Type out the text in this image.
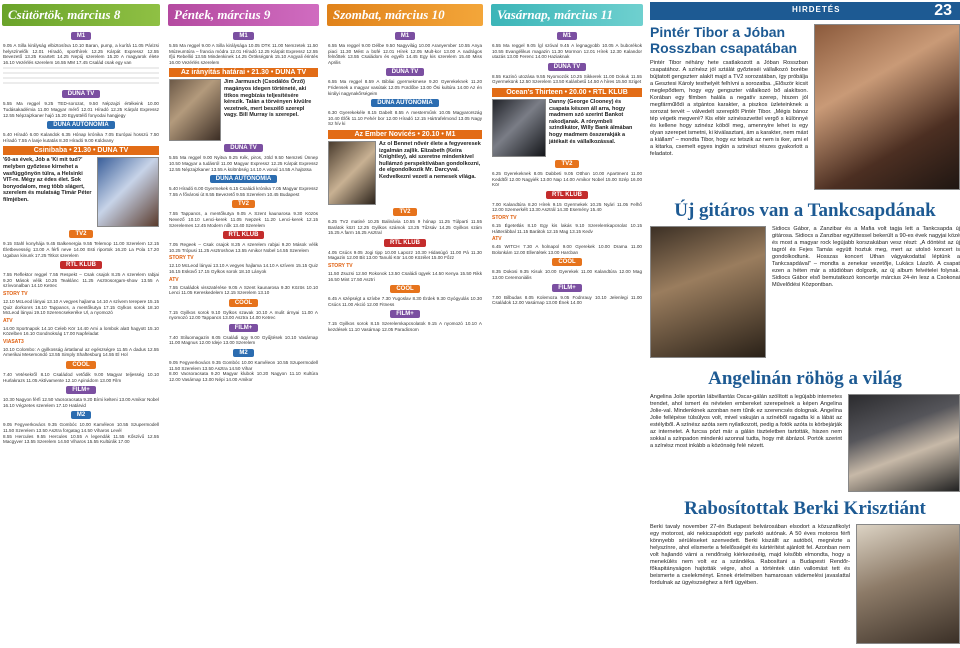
Csütörtök, március 8
M1
9.05 A Silla királyság elbiztosítva 10.10 Baran, pump, a kurítá 11.05 Párizsi helyszínelők 12.01 Híradó, sporthírek 12.25 Kárpát Expressz 12.55 Bevezető 13.25 Kvartett 14.25 Nepúj szerelem 15.20 A magyarok élete 16.10 Vezérlés szerelem 16.55 MM 17.45 Család csak egy van
DUNA TV
5.55 Ma reggel 9.25 TED-sorozat, 9.50 Népzajzi értékeink 10.00 Tudásakadémia 11.00 Magyar mérő 12.01 Híradó 12.25 Kárpát Expressz 12.55 Népzajzkaner hajó 15.20 Együttélő fonyodai hangjegy
DUNA AUTONÓMIA
5.40 Híradó 6.00 Kalandok 6.35 Hónap krónika 7.05 Európai hosszú 7.50 Híradó 7.55 A lanje kutatás 8.30 Híradó 9.00 Küldvany
Csinibaba • 21.30 • DUNA TV
'60-as évek, Jób a 'Ki mit tud?' melyben győztese kirnehet a vasfüggönyön túlra, a Helsinki VIT-re. Mégy az édes élet. Sok bonyodalom, meg több slágert, szerelem és mulatság Timár Péter filmjében.
TV2
9.15 Stahl konyhája 9.45 Balkenergia 9.55 Telemop 11.00 Szerelem 12.15 Életbevesség 13.00 A férfi neve 14.00 Esti riportok 16.20 La Pola 17.20 Ugaban kinunk 17.25 Titkot szerelem
RTL KLUB
7.55 Reflektor reggel 7.55 Respekt – Csak csajok 8.25 A szerelem rabjai 9.20 Mások vélik 10.25 Teaklánc 11.25 Asztrosorgam-show 13.55 A szívvonalban 14.10 Ketrec
STORY TV
12.10 McLeod lányai 13.10 A vegyes hajlama 14.10 A szívem terepere 15.15 Quiz dorkonrs 16.10 Tappancs, a mentőkutya 17.15 Gylkos sorok 18.10 McLeod lányai 19.10 Szerencsekeréke Ul, a nyomozó
ATV
14.00 Sportnapok 14.10 Celeb Kör 14.40 Ami a lombok alatt hagyott 15.10 Közelben 16.10 Gondnokság 17.00 Napfeladat
VIASAT3
10.10 Colombo: A gyilkosság ártatlanul az egészségre 11.55 A dadus 12.55 Amerikai Mesemondó 13.55 Simply Shaftesburg 14.55 El Hol
COOL
7.40 Vetésekről 8.10 Családod vetődik 9.00 Magyar teljesség 10.10 Hurlakrazs 11.05 Aktívamente 12.10 Apinádom 13.00 Film
FILM+
10.30 Nagyon férfi 12.50 Vacsoracsata 9.20 Bírni kelteni 13.00 Amikor Nobel 16.10 Végzetes szerelem 17.10 Határvid
M2
9.05 Fegyverkovács 9.35 Gombóc 10.00 Kaméleon 10.55 Szupermodell 11.50 Szerelem 13.50 Asztra forgatag 14.50 Viharos Levél
8.55 Hercules 9.55 Hercules 10.55 A legendák 11.55 Kőszívű 12.55 Macgyver 13.55 Szerelem 14.50 Viharos 15.55 Kultúrák 17.00
Péntek, március 9
M1
5.55 Ma reggel 9.00 A Silla királysága 10.05 DTK 11.00 Nemzetek 11.50 Múzeumtúra – francia módra 12.01 Híradó 12.25 Kárpát Expressz 12.55 Ifjú Rebellió 13.55 Mindenkinek 14.25 Örökségünk 15.10 Angyali érintés 16.00 Vezérlés szerelem
Az irányítás határai • 21.30 • DUNA TV
Jim Jarmusch (Csodálós Őrző) magányos idegen történeté, aki titkos megbízás teljesítésére kérezik. Talán a törvényen kívülre vezetnek, mert beszélő szerepl vagy. Bill Murray is szerepel.
DUNA TV
5.55 Ma reggel 9.00 Nyitva 9.25 Kék, piros, zöld 9.50 Nemzeti Ünnep 10.50 Magyar a tudásról 11.00 Magyar Expressz 12.25 Kárpát Expressz 12.55 Népzajzkaner 13.55 A különbség 14.10 A vonal 14.55 A hajtotsa
DUNA AUTONÓMIA
5.40 Híradó 6.00 Gyermekek 6.15 Családi krónika 7.05 Magyar Expressz 7.55 A fővárosi út 8.55 Bevezető 9.55 Szerelem 10.45 Budapest
TV2
7.55 Tappancs, a mentőkutya 9.05 A Szent kaunarosa 9.30 Közös Nevező 10.10 Lenci-kerek 11.05 Nepzek 11.20 Lenci-kerek 12.15 Szerelemes 12.45 Modern nők 13.40 Szerelem
RTL KLUB
7.05 Regeek – Csak csajok 8.25 A szerelem rabjai 9.20 Mások vélik 10.25 Trópusi 11.25 Asztroshow 13.55 Amikor Nobel 14.55 Szerelem
STORY TV
12.10 McLeod lányai 13.10 A vegyes hajlama 14.10 A szívem 15.15 Quiz 16.15 Esküvő 17.15 Gylkos sorok 18.10 Lányok
ATV
7.55 Családok visszatérése 9.05 A Szent kaunarosa 9.30 Közös 10.10 Lenci 11.05 Kereskedelem 12.15 Szerelem 13.10
COOL
7.15 Gyilkos sorok 9.10 Gylkos szavak 10.10 A mulit árnyai 11.00 A nyomozó 12.00 Tappancs 13.00 Asztra 14.00 Ketrec
FILM+
7.40 Stiluomagazin 8.05 Családi ügy 9.00 Gyűjtések 10.10 Vasárnap 11.00 Magnus 12.00 Ideje 13.00 Szerelem
M2
9.05 Fegyverkovács 9.35 Gombóc 10.00 Kaméleon 10.55 Szupermodell 11.50 Szerelem 13.50 Asztra 14.50 Vihar
8.00 Vacsoracsata 9.20 Magyar klubok 10.20 Nagyon 11.10 Kultúra 12.00 Vasárnap 13.00 Népi 14.00 Amikor
Szombat, március 10
M1
6.55 Ma reggel 9.00 Délbe 9.50 Nagyvilág 10.00 Aranyember 10.55 Anya piaci 11.30 Mést a büfé 12.01 Hírek 12.05 Mult-kor 13.00 A nadrágos felnőttek 13.55 Családom és egyéb 14.45 Egy kis szerelem 15.40 Miss Aprilis
DUNA TV
6.55 Ma reggel 8.59 A Bibliai gyermekmese 9.20 Gyerekeknek 11.20 Fridensek a magyar vasútak 12.05 Fürdőbe 13.00 Ősi kultúra 14.00 Az én királyi nagynakőrségeim
DUNA AUTONÓMIA
6.30 Gyerekekéle 8.15 Dabelt 8.55 A mesterműnk 10.05 Magyarország 10.40 Élők 11.10 Fehér bor 12.00 Híradó 12.15 Hártrafelmond 13.05 Nagy Sz hív ki
Az Ember Novícés • 20.10 • M1
Az ol Bennet nővér élete a fegyveresek izgalmán zajlik. Elizabeth (Keira Knightley), aki szeretne mindenkivel hullámzó perspektívában gondolkozni, de elgondolkozik Mr. Darcyval. Kedvelkezni vezeti a nemesek világa.
TV2
6.25 TV2 matiné 10.25 Balinávia 10.55 9 hónap 11.25 Túlparti 11.55 Barátok közt 12.25 Gyilkos számok 13.25 Tűzsáv 14.25 Gyilkos szám 15.25 A farm 16.25 Asztral
RTL KLUB
4.05 Csúcs 9.05 Jogi tipp 10.00 Lapozz 10.30 Hidasúgó 11.00 Pá 11.30 Magazin 12.00 Bit 13.00 Tanuló Kör 14.00 Közélet 15.00 Főzz
STORY TV
11.50 Zsuzsi 12.50 Rokonok 13.50 Családi ügyek 14.50 Kenya 15.50 Rikk 16.50 Mint 17.50 Asztri
COOL
6.45 A szépségt a szívbe 7.30 Yugoslav 8.30 Érdek 9.30 Gyógyulás 10.30 Csúcs 11.00 Akció 12.00 Fitness
FILM+
7.15 Gyilkos sorok 8.15 Szerelemkapcsolatok 9.15 A nyomozó 10.10 A kezdések 11.10 Vasárnap 12.05 Paradicsom
Vasárnap, március 11
M1
6.55 Ma reggel 9.05 Ígl szóval 9.45 A legnagyobb 10.05 A buborékok 10.55 Evangélikus magazin 11.30 Mormon 12.01 Hírek 12.30 Kalandor utazás 13.00 Ferenc 14.00 Haziaknak
DUNA TV
8.55 Kazinó utozása 9.55 Nyomozók 10.25 Sikkerek 11.00 Dokuk 11.55 Gyermekünk 12.50 Szerelem 13.50 Kalánbetű 14.50 A híres 15.50 Sziget
Ocean's Thirteen • 20.00 • RTL KLUB
Danny (George Clooney) és csapata készen áll arra, hogy madmem szó szerint Bankot rakodjanak. A rónymbeli szindikátor, Willy Bank álmában hogy madmem összerakják a játékait és vállalkozással.
TV2
6.25 Gyerekeknek 8.05 Dabbeti 9.05 Otthon 10.00 Apartment 11.00 Keddtől 12.00 Nagyiék 13.00 Nap 14.00 Amikor Nobel 15.00 Szép 16.00 Kör
RTL KLUB
7.00 Kalandtúra 8.20 Hírek 9.15 Gyermekek 10.25 Nyári 11.05 Felhő 12.00 Szemerkélt 13.30 Asztrál 14.30 Esemény 15.40
STORY TV
6.15 Égetetlás 8.10 Egy kis lakás 9.10 Szerelemkapcsolat 10.15 Hátterábbal 11.15 Barátok 12.15 Mag 13.15 Kedv
ATV
6.45 WITCH 7.30 A holnapol 9.00 Gyerekek 10.00 Drama 11.00 Bolonkám 12.00 Ellentétek 13.00 Harcban
COOL
8.35 Dokosi 9.35 Kisuk 10.00 Gyerekek 11.00 Kalandtúra 12.00 Mag 13.00 Ceremoniális
FILM+
7.00 Bilbudas 8.05 Kolemoza 9.05 Fodnrauy 10.10 Jelenlegi 11.00 Családok 12.00 Vasárnap 13.00 Ének 14.00
HIRDETÉS	23
Pintér Tibor a Jóban Rosszban csapatában
Pintér Tibor néhány hete csatlakozott a Jóban Rosszban csapatához. A színész jól sztálát győzteséi vállalkozó borébe bújtatott gengszterr alakít majd a TV2 sorozatában, így próbálja a Gesztesi Károly testhelyét felhívni a sorozatba. „Először kicsit meglepődtem, hogy egy gengszter vállalkozó bő alakítson. Korában egy filmben halála a negatív szerep, hiszen jól megfárműlődi a stgántos karakter, a piszkos üzleteinknek a sorozat tervét – válvedelt szereplőt Pintér Tibor. „Mégis bánoz tép végetk megveré? Kis eltér szinésszvettel vergő s különnyé és kellene hogy szinész köböl meg, amennyire lehet is egy olyan szerepet ismetni, ki kiválasztani, ám a karakter, nem mást a kiállam” – mondta Tibor, hogy ez tetszik az nem is iker, ami el a kitarka, csemelt egyes ingkin a szinészi részes gyakorlott a feladatot.
Új gitáros van a Tankcsapdának
Sidiocs Gábor, a Zanzibar és a Mafia volt tagja lett a Tankcsapda új gitárosa. Sidiocs a Zanzibar együttessel bekerült a 90-es évek nagyjai közé és most a magyar rock legújabb korszakában vesz részt: „A döntést az új tagról és Fejes Tamás együtt hoztuk meg, mert az utolsó koncert is gondolkodtunk. Hosszas koncert Uthan vágyakodattal léptünk a Tankcsapdával” – mondta a zenekar vezetője, Lukács László. A csapat ezen a héten már a stúdióban dolgozik, az új album felvételei folynak. Sidiocs Gábor első bemutatkozó koncertje március 24-én lesz a Csokonai Művelődési Központban.
Angelinán röhög a világ
Angelina Jolie sportán lábvillantás Oscar-gálán szólított a legújabb internetes trendet, ahol ismert és névtelen embereket szerepelnek a képen Angelina Jolie-val. Mindenkinek azonban nem tűnik ez szerencsés dolognak. Angelina Jolie fellépése túlsúlyos volt, mivel vakuján a színéből ragadta ki a lábát az estélyiből. A színész azóta sem nyilatkozott, pedig a fotók azóta is körbejárják az internetet. A furcsa pózt már a gálán tiszteletben tartották, hiszen nem sokkal a színpadon mindenki azonnal tudta, hogy mit ábrázol. Portók szerint a színész most inkább a közönség felé nézett.
Rabosítottak Berki Krisztiánt
Berki tavaly november 27-én Budapest belvárosában elsodort a közuzafikolyt egy motorost, aki nekicsapódott egy parkoló autónak. A 50 éves motoros férfi könnyebb sérüléseket szenvedett. Berki kiszállt az autóból, megnézte a helyszínre, ahol elismerte a felelősségét és kártérítést ajánlott fel. Azonban nem volt hajlandó várni a rendőrség kiérkezéséig, majd később elmondta, hogy a menekülés nem volt ez a szándéka. Rabosítani a Budapesti Rendőr-főkapitányságon hajtották végre, ahol a történtek után vallomást tett és beismerte a cselekményt. Ennek értelmében hamarosan vádemelési javaslattal fordulnak az ügyészséghez a férfi ügyében.
